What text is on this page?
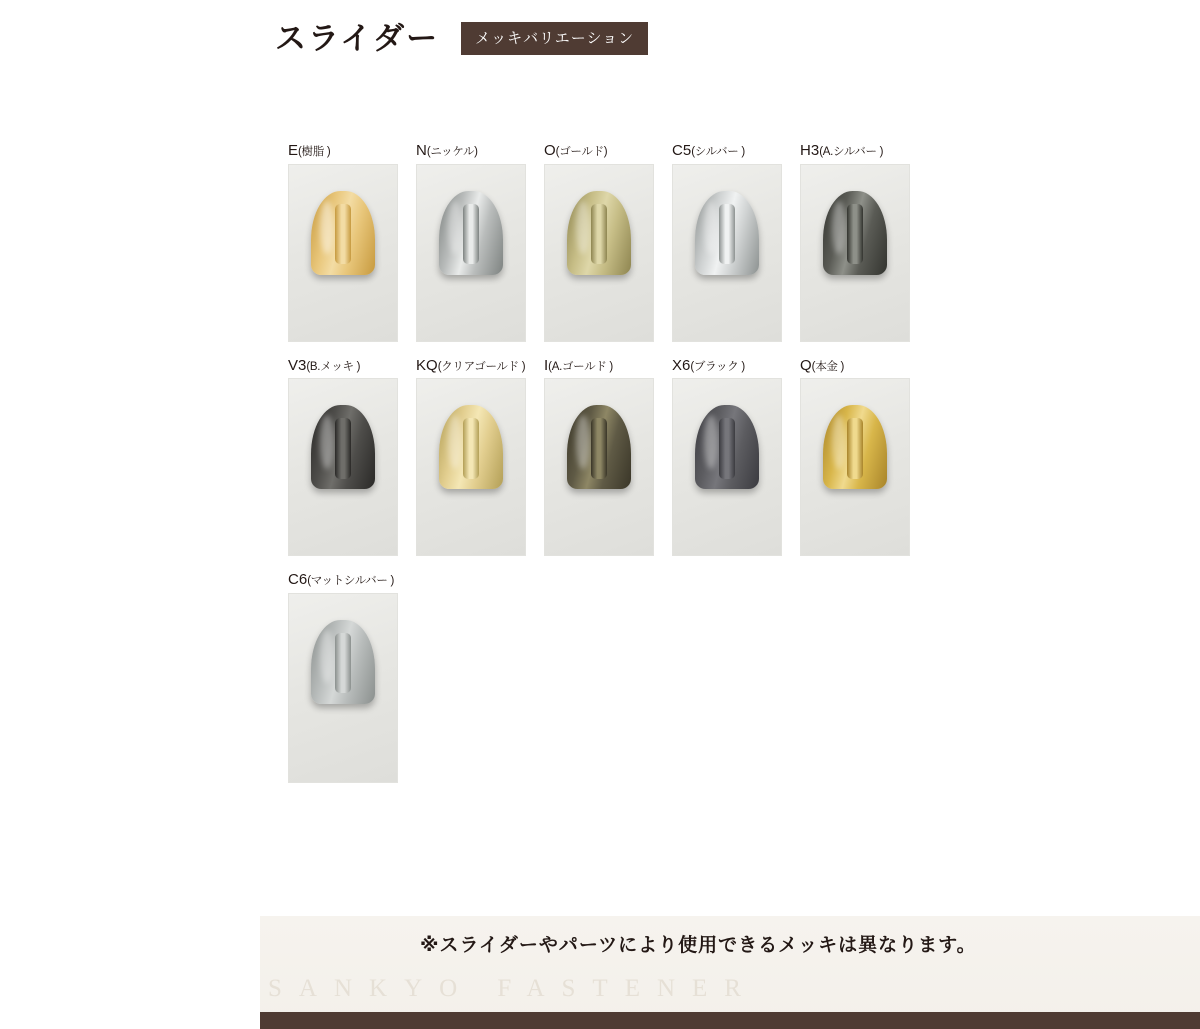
スライダー	メッキバリエーション
E(樹脂 )	N(ニッケル)	O(ゴールド)	C5(シルバー )	H3(A.シルバー )
V3(B.メッキ )	KQ(クリアゴールド ) I(A.ゴールド )	X6(ブラック )	Q(本金 )
C6(マットシルバー )
※スライダーやパーツにより使用できるメッキは異なります。
SANKYO FASTENER
